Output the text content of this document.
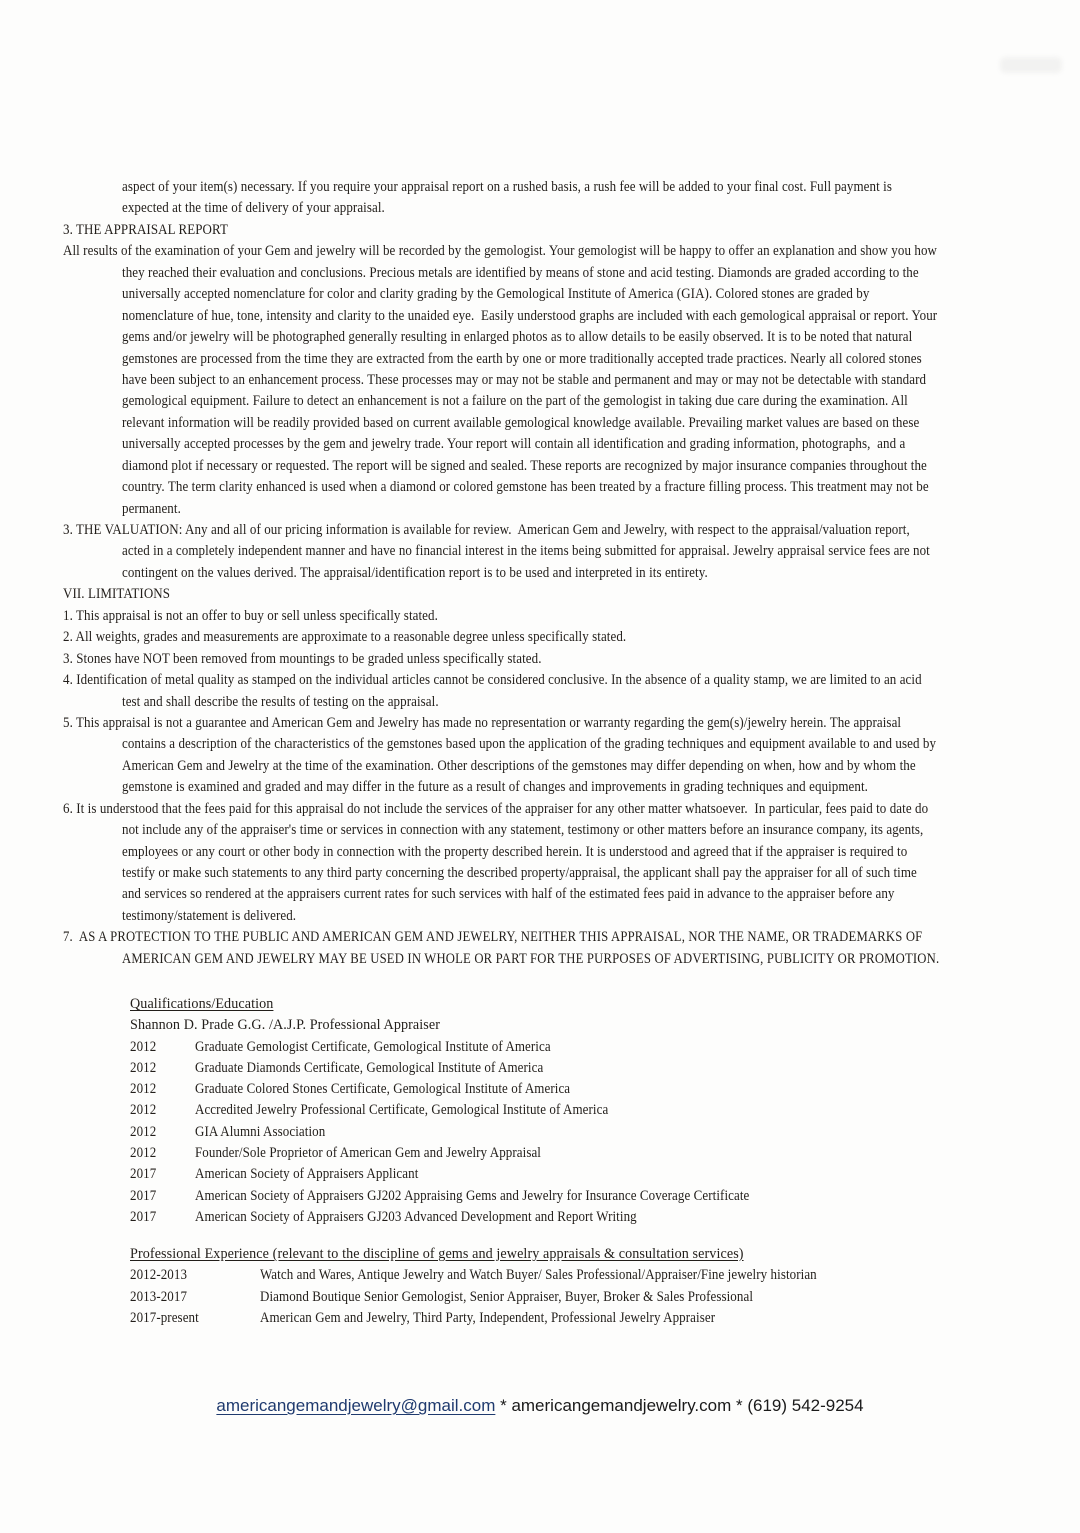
aspect of your item(s) necessary. If you require your appraisal report on a rushed basis, a rush fee will be added to your final cost. Full payment is
expected at the time of delivery of your appraisal.
3. THE APPRAISAL REPORT
All results of the examination of your Gem and jewelry will be recorded by the gemologist. Your gemologist will be happy to offer an explanation and show you how
they reached their evaluation and conclusions. Precious metals are identified by means of stone and acid testing. Diamonds are graded according to the
universally accepted nomenclature for color and clarity grading by the Gemological Institute of America (GIA). Colored stones are graded by
nomenclature of hue, tone, intensity and clarity to the unaided eye.  Easily understood graphs are included with each gemological appraisal or report. Your
gems and/or jewelry will be photographed generally resulting in enlarged photos as to allow details to be easily observed. It is to be noted that natural
gemstones are processed from the time they are extracted from the earth by one or more traditionally accepted trade practices. Nearly all colored stones
have been subject to an enhancement process. These processes may or may not be stable and permanent and may or may not be detectable with standard
gemological equipment. Failure to detect an enhancement is not a failure on the part of the gemologist in taking due care during the examination. All
relevant information will be readily provided based on current available gemological knowledge available. Prevailing market values are based on these
universally accepted processes by the gem and jewelry trade. Your report will contain all identification and grading information, photographs,  and a
diamond plot if necessary or requested. The report will be signed and sealed. These reports are recognized by major insurance companies throughout the
country. The term clarity enhanced is used when a diamond or colored gemstone has been treated by a fracture filling process. This treatment may not be
permanent.
3. THE VALUATION: Any and all of our pricing information is available for review.  American Gem and Jewelry, with respect to the appraisal/valuation report,
acted in a completely independent manner and have no financial interest in the items being submitted for appraisal. Jewelry appraisal service fees are not
contingent on the values derived. The appraisal/identification report is to be used and interpreted in its entirety.
VII. LIMITATIONS
1. This appraisal is not an offer to buy or sell unless specifically stated.
2. All weights, grades and measurements are approximate to a reasonable degree unless specifically stated.
3. Stones have NOT been removed from mountings to be graded unless specifically stated.
4. Identification of metal quality as stamped on the individual articles cannot be considered conclusive. In the absence of a quality stamp, we are limited to an acid
test and shall describe the results of testing on the appraisal.
5. This appraisal is not a guarantee and American Gem and Jewelry has made no representation or warranty regarding the gem(s)/jewelry herein. The appraisal
contains a description of the characteristics of the gemstones based upon the application of the grading techniques and equipment available to and used by
American Gem and Jewelry at the time of the examination. Other descriptions of the gemstones may differ depending on when, how and by whom the
gemstone is examined and graded and may differ in the future as a result of changes and improvements in grading techniques and equipment.
6. It is understood that the fees paid for this appraisal do not include the services of the appraiser for any other matter whatsoever.  In particular, fees paid to date do
not include any of the appraiser's time or services in connection with any statement, testimony or other matters before an insurance company, its agents,
employees or any court or other body in connection with the property described herein. It is understood and agreed that if the appraiser is required to
testify or make such statements to any third party concerning the described property/appraisal, the applicant shall pay the appraiser for all of such time
and services so rendered at the appraisers current rates for such services with half of the estimated fees paid in advance to the appraiser before any
testimony/statement is delivered.
7.  AS A PROTECTION TO THE PUBLIC AND AMERICAN GEM AND JEWELRY, NEITHER THIS APPRAISAL, NOR THE NAME, OR TRADEMARKS OF
AMERICAN GEM AND JEWELRY MAY BE USED IN WHOLE OR PART FOR THE PURPOSES OF ADVERTISING, PUBLICITY OR PROMOTION.
Qualifications/Education
Shannon D. Prade G.G. /A.J.P. Professional Appraiser
2012	Graduate Gemologist Certificate, Gemological Institute of America
2012	Graduate Diamonds Certificate, Gemological Institute of America
2012	Graduate Colored Stones Certificate, Gemological Institute of America
2012	Accredited Jewelry Professional Certificate, Gemological Institute of America
2012	GIA Alumni Association
2012	Founder/Sole Proprietor of American Gem and Jewelry Appraisal
2017	American Society of Appraisers Applicant
2017	American Society of Appraisers GJ202 Appraising Gems and Jewelry for Insurance Coverage Certificate
2017	American Society of Appraisers GJ203 Advanced Development and Report Writing
Professional Experience (relevant to the discipline of gems and jewelry appraisals & consultation services)
2012-2013	Watch and Wares, Antique Jewelry and Watch Buyer/ Sales Professional/Appraiser/Fine jewelry historian
2013-2017	Diamond Boutique Senior Gemologist, Senior Appraiser, Buyer, Broker & Sales Professional
2017-present	American Gem and Jewelry, Third Party, Independent, Professional Jewelry Appraiser
americangemandjewelry@gmail.com * americangemandjewelry.com * (619) 542-9254
